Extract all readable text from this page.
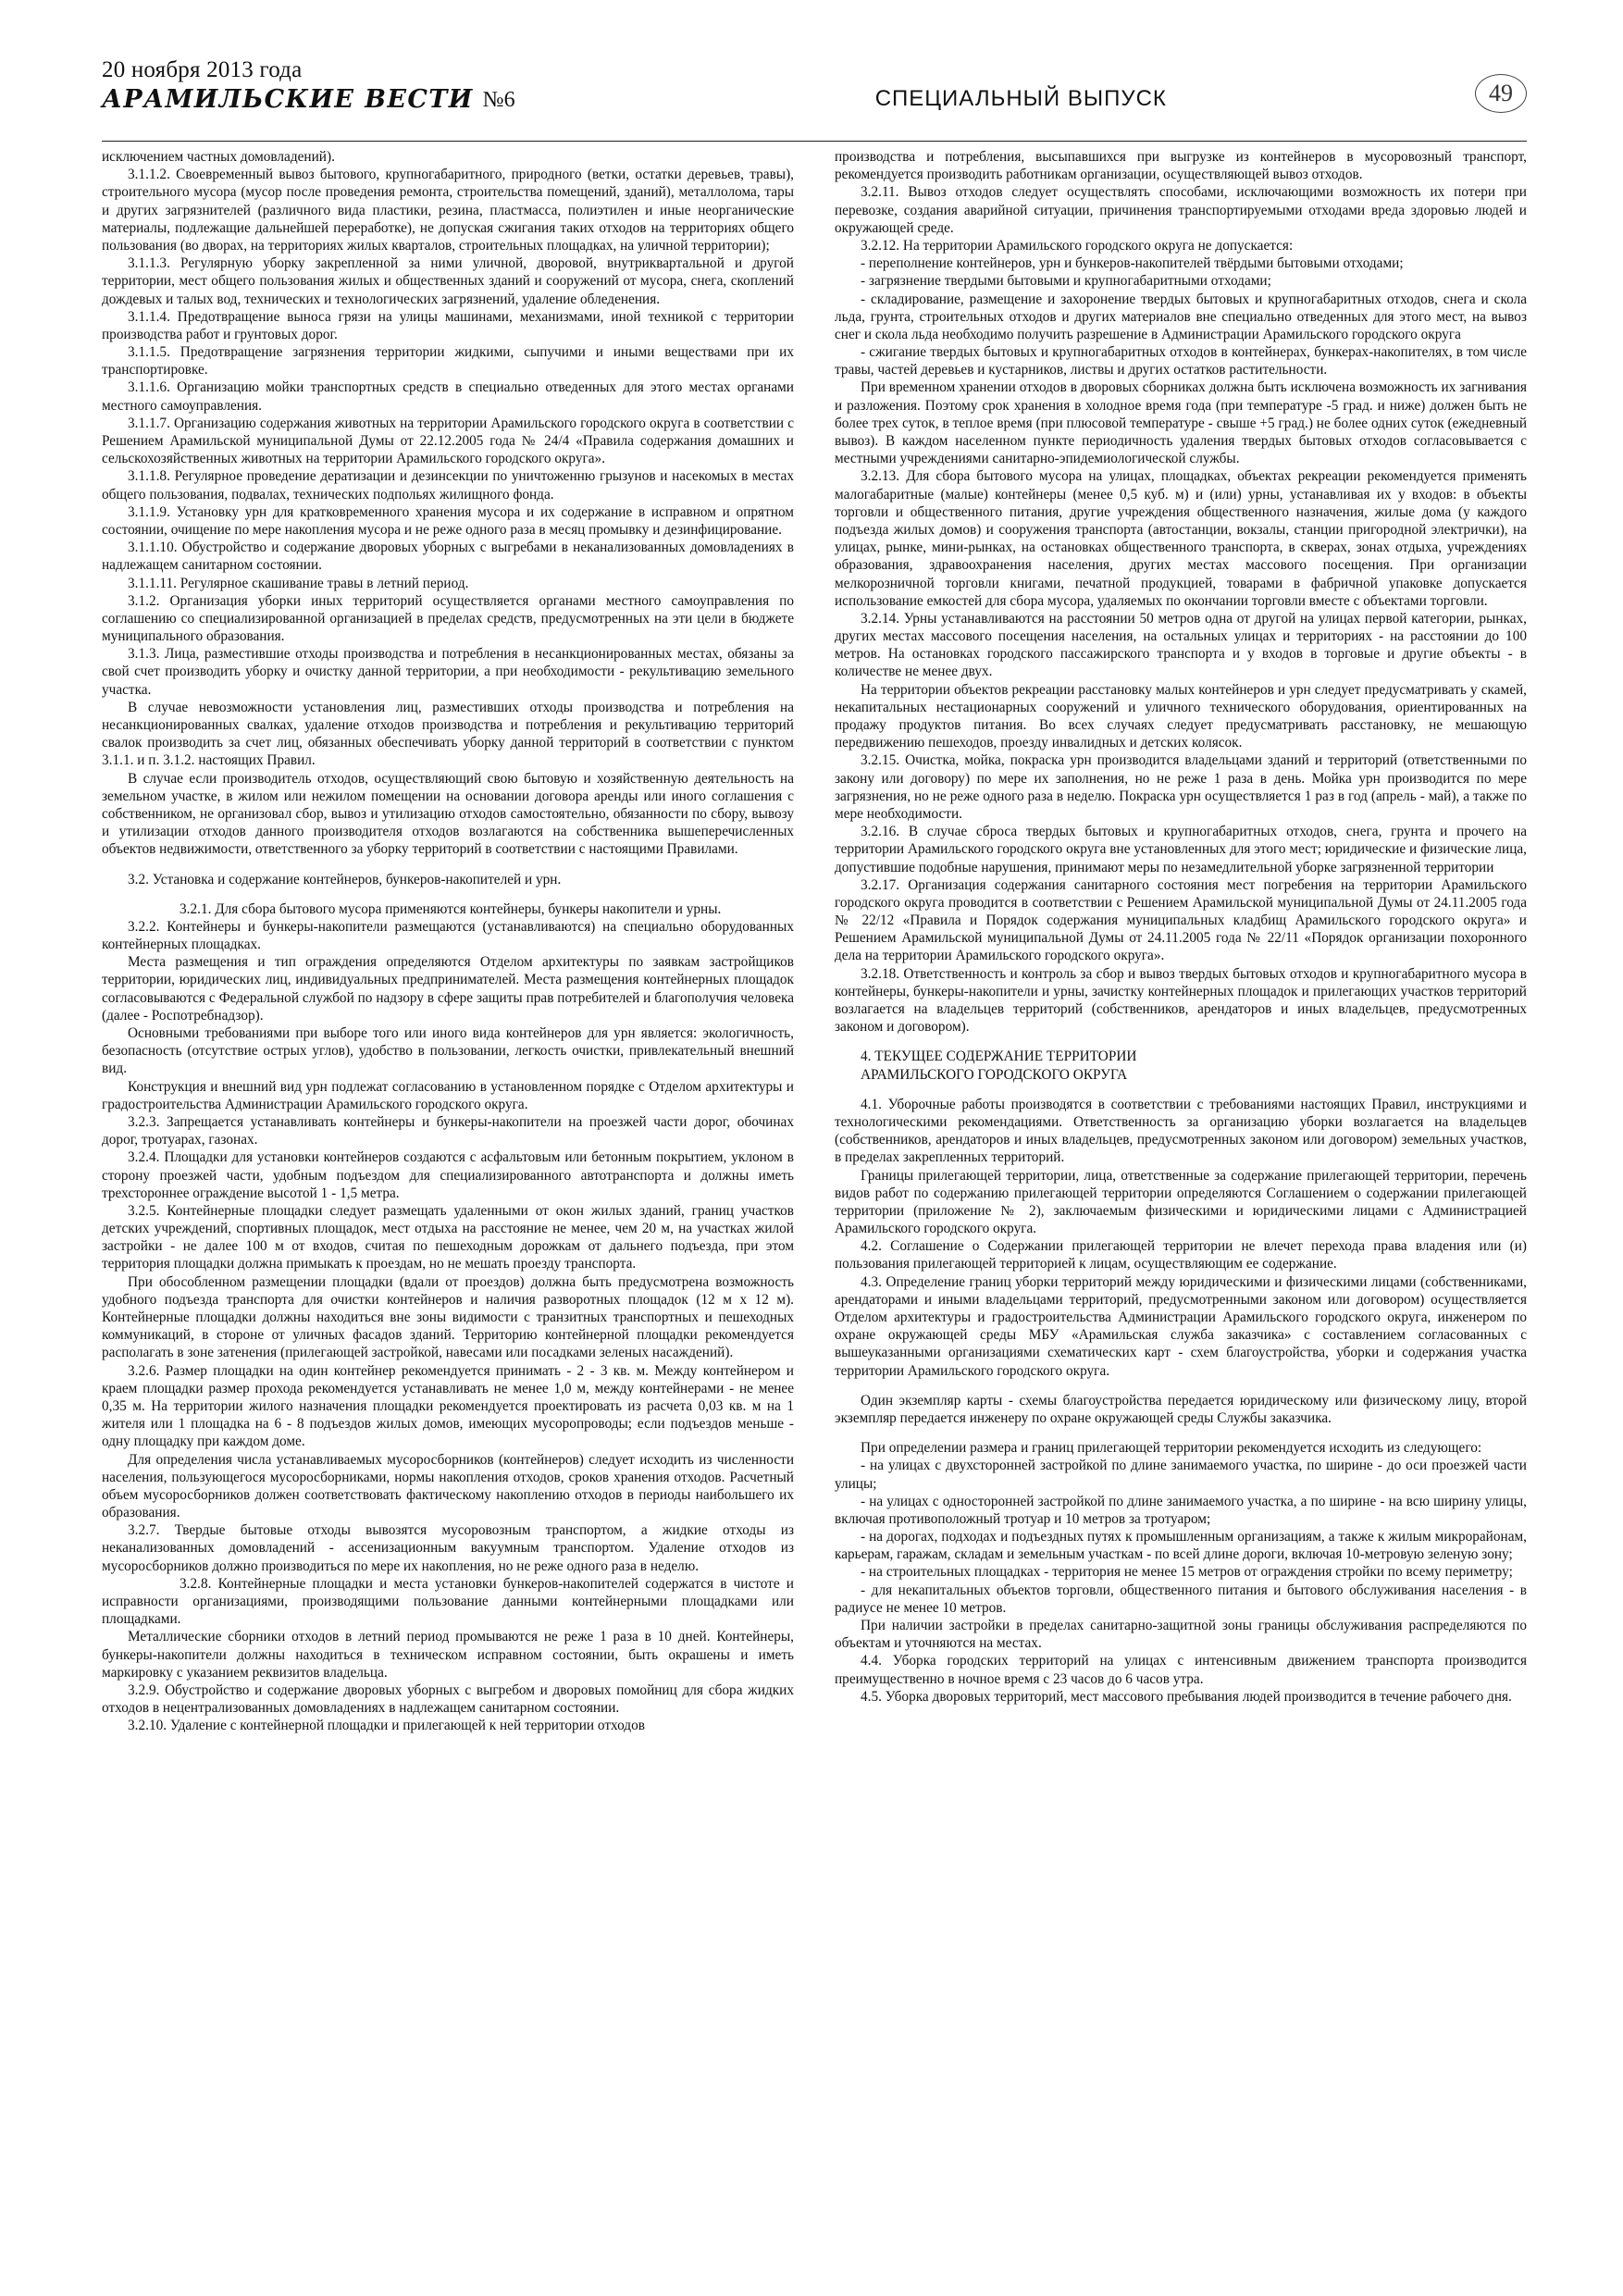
20 ноября 2013 года
АРАМИЛЬСКИЕ ВЕСТИ №6	СПЕЦИАЛЬНЫЙ ВЫПУСК	49

исключением частных домовладений).

3.1.1.2. Своевременный вывоз бытового, крупногабаритного, природного (ветки, остатки деревьев, травы), строительного мусора (мусор после проведения ремонта, строительства помещений, зданий), металлолома, тары и других загрязнителей (различного вида пластики, резина, пластмасса, полиэтилен и иные неорганические материалы, подлежащие дальнейшей переработке), не допуская сжигания таких отходов на территориях общего пользования (во дворах, на территориях жилых кварталов, строительных площадках, на уличной территории);

3.1.1.3. Регулярную уборку закрепленной за ними уличной, дворовой, внутриквартальной и другой территории, мест общего пользования жилых и общественных зданий и сооружений от мусора, снега, скоплений дождевых и талых вод, технических и технологических загрязнений, удаление обледенения.

3.1.1.4. Предотвращение выноса грязи на улицы машинами, механизмами, иной техникой с территории производства работ и грунтовых дорог.

3.1.1.5. Предотвращение загрязнения территории жидкими, сыпучими и иными веществами при их транспортировке.

3.1.1.6. Организацию мойки транспортных средств в специально отведенных для этого местах органами местного самоуправления.

3.1.1.7. Организацию содержания животных на территории Арамильского городского округа в соответствии с Решением Арамильской муниципальной Думы от 22.12.2005 года № 24/4 «Правила содержания домашних и сельскохозяйственных животных на территории Арамильского городского округа».

3.1.1.8. Регулярное проведение дератизации и дезинсекции по уничтоженню грызунов и насекомых в местах общего пользования, подвалах, технических подпольях жилищного фонда.

3.1.1.9. Установку урн для кратковременного хранения мусора и их содержание в исправном и опрятном состоянии, очищение по мере накопления мусора и не реже одного раза в месяц промывку и дезинфицирование.

3.1.1.10. Обустройство и содержание дворовых уборных с выгребами в неканализованных домовладениях в надлежащем санитарном состоянии.

3.1.1.11. Регулярное скашивание травы в летний период.

3.1.2. Организация уборки иных территорий осуществляется органами местного самоуправления по соглашению со специализированной организацией в пределах средств, предусмотренных на эти цели в бюджете муниципального образования.

3.1.3. Лица, разместившие отходы производства и потребления в несанкционированных местах, обязаны за свой счет производить уборку и очистку данной территории, а при необходимости - рекультивацию земельного участка.

В случае невозможности установления лиц, разместивших отходы производства и потребления на несанкционированных свалках, удаление отходов производства и потребления и рекультивацию территорий свалок производить за счет лиц, обязанных обеспечивать уборку данной территорий в соответствии с пунктом 3.1.1. и п. 3.1.2. настоящих Правил.

В случае если производитель отходов, осуществляющий свою бытовую и хозяйственную деятельность на земельном участке, в жилом или нежилом помещении на основании договора аренды или иного соглашения с собственником, не организовал сбор, вывоз и утилизацию отходов самостоятельно, обязанности по сбору, вывозу и утилизации отходов данного производителя отходов возлагаются на собственника вышеперечисленных объектов недвижимости, ответственного за уборку территорий в соответствии с настоящими Правилами.

3.2. Установка и содержание контейнеров, бункеров-накопителей и урн.

3.2.1. Для сбора бытового мусора применяются контейнеры, бункеры накопители и урны.

3.2.2. Контейнеры и бункеры-накопители размещаются (устанавливаются) на специально оборудованных контейнерных площадках.

Места размещения и тип ограждения определяются Отделом архитектуры по заявкам застройщиков территории, юридических лиц, индивидуальных предпринимателей. Места размещения контейнерных площадок согласовываются с Федеральной службой по надзору в сфере защиты прав потребителей и благополучия человека (далее - Роспотребнадзор).

Основными требованиями при выборе того или иного вида контейнеров для урн является: экологичность, безопасность (отсутствие острых углов), удобство в пользовании, легкость очистки, привлекательный внешний вид.

Конструкция и внешний вид урн подлежат согласованию в установленном порядке с Отделом архитектуры и градостроительства Администрации Арамильского городского округа.

3.2.3. Запрещается устанавливать контейнеры и бункеры-накопители на проезжей части дорог, обочинах дорог, тротуарах, газонах.

3.2.4. Площадки для установки контейнеров создаются с асфальтовым или бетонным покрытием, уклоном в сторону проезжей части, удобным подъездом для специализированного автотранспорта и должны иметь трехстороннее ограждение высотой 1 - 1,5 метра.

3.2.5. Контейнерные площадки следует размещать удаленными от окон жилых зданий, границ участков детских учреждений, спортивных площадок, мест отдыха на расстояние не менее, чем 20 м, на участках жилой застройки - не далее 100 м от входов, считая по пешеходным дорожкам от дальнего подъезда, при этом территория площадки должна примыкать к проездам, но не мешать проезду транспорта.

При обособленном размещении площадки (вдали от проездов) должна быть предусмотрена возможность удобного подъезда транспорта для очистки контейнеров и наличия разворотных площадок (12 м х 12 м). Контейнерные площадки должны находиться вне зоны видимости с транзитных транспортных и пешеходных коммуникаций, в стороне от уличных фасадов зданий. Территорию контейнерной площадки рекомендуется располагать в зоне затенения (прилегающей застройкой, навесами или посадками зеленых насаждений).

3.2.6. Размер площадки на один контейнер рекомендуется принимать - 2 - 3 кв. м. Между контейнером и краем площадки размер прохода рекомендуется устанавливать не менее 1,0 м, между контейнерами - не менее 0,35 м. На территории жилого назначения площадки рекомендуется проектировать из расчета 0,03 кв. м на 1 жителя или 1 площадка на 6 - 8 подъездов жилых домов, имеющих мусоропроводы; если подъездов меньше - одну площадку при каждом доме.

Для определения числа устанавливаемых мусоросборников (контейнеров) следует исходить из численности населения, пользующегося мусоросборниками, нормы накопления отходов, сроков хранения отходов. Расчетный объем мусоросборников должен соответствовать фактическому накоплению отходов в периоды наибольшего их образования.

3.2.7. Твердые бытовые отходы вывозятся мусоровозным транспортом, а жидкие отходы из неканализованных домовладений - ассенизационным вакуумным транспортом. Удаление отходов из мусоросборников должно производиться по мере их накопления, но не реже одного раза в неделю.

3.2.8. Контейнерные площадки и места установки бункеров-накопителей содержатся в чистоте и исправности организациями, производящими пользование данными контейнерными площадками или площадками.

Металлические сборники отходов в летний период промываются не реже 1 раза в 10 дней. Контейнеры, бункеры-накопители должны находиться в техническом исправном состоянии, быть окрашены и иметь маркировку с указанием реквизитов владельца.

3.2.9. Обустройство и содержание дворовых уборных с выгребом и дворовых помойниц для сбора жидких отходов в нецентрализованных домовладениях в надлежащем санитарном состоянии.

3.2.10. Удаление с контейнерной площадки и прилегающей к ней территории отходов

производства и потребления, высыпавшихся при выгрузке из контейнеров в мусоровозный транспорт, рекомендуется производить работникам организации, осуществляющей вывоз отходов.

3.2.11. Вывоз отходов следует осуществлять способами, исключающими возможность их потери при перевозке, создания аварийной ситуации, причинения транспортируемыми отходами вреда здоровью людей и окружающей среде.

3.2.12. На территории Арамильского городского округа не допускается:

- переполнение контейнеров, урн и бункеров-накопителей твёрдыми бытовыми отходами;

- загрязнение твердыми бытовыми и крупногабаритными отходами;

- складирование, размещение и захоронение твердых бытовых и крупногабаритных отходов, снега и скола льда, грунта, строительных отходов и других материалов вне специально отведенных для этого мест, на вывоз снег и скола льда необходимо получить разрешение в Администрации Арамильского городского округа

- сжигание твердых бытовых и крупногабаритных отходов в контейнерах, бункерах-накопителях, в том числе травы, частей деревьев и кустарников, листвы и других остатков растительности.

При временном хранении отходов в дворовых сборниках должна быть исключена возможность их загнивания и разложения. Поэтому срок хранения в холодное время года (при температуре -5 град. и ниже) должен быть не более трех суток, в теплое время (при плюсовой температуре - свыше +5 град.) не более одних суток (ежедневный вывоз). В каждом населенном пункте периодичность удаления твердых бытовых отходов согласовывается с местными учреждениями санитарно-эпидемиологической службы.

3.2.13. Для сбора бытового мусора на улицах, площадках, объектах рекреации рекомендуется применять малогабаритные (малые) контейнеры (менее 0,5 куб. м) и (или) урны, устанавливая их у входов: в объекты торговли и общественного питания, другие учреждения общественного назначения, жилые дома (у каждого подъезда жилых домов) и сооружения транспорта (автостанции, вокзалы, станции пригородной электрички), на улицах, рынке, мини-рынках, на остановках общественного транспорта, в скверах, зонах отдыха, учреждениях образования, здравоохранения населения, других местах массового посещения. При организации мелкорозничной торговли книгами, печатной продукцией, товарами в фабричной упаковке допускается использование емкостей для сбора мусора, удаляемых по окончании торговли вместе с объектами торговли.

3.2.14. Урны устанавливаются на расстоянии 50 метров одна от другой на улицах первой категории, рынках, других местах массового посещения населения, на остальных улицах и территориях - на расстоянии до 100 метров. На остановках городского пассажирского транспорта и у входов в торговые и другие объекты - в количестве не менее двух.

На территории объектов рекреации расстановку малых контейнеров и урн следует предусматривать у скамей, некапитальных нестационарных сооружений и уличного технического оборудования, ориентированных на продажу продуктов питания. Во всех случаях следует предусматривать расстановку, не мешающую передвижению пешеходов, проезду инвалидных и детских колясок.

3.2.15. Очистка, мойка, покраска урн производится владельцами зданий и территорий (ответственными по закону или договору) по мере их заполнения, но не реже 1 раза в день. Мойка урн производится по мере загрязнения, но не реже одного раза в неделю. Покраска урн осуществляется 1 раз в год (апрель - май), а также по мере необходимости.

3.2.16. В случае сброса твердых бытовых и крупногабаритных отходов, снега, грунта и прочего на территории Арамильского городского округа вне установленных для этого мест; юридические и физические лица, допустившие подобные нарушения, принимают меры по незамедлительной уборке загрязненной территории

3.2.17. Организация содержания санитарного состояния мест погребения на территории Арамильского городского округа проводится в соответствии с Решением Арамильской муниципальной Думы от 24.11.2005 года № 22/12 «Правила и Порядок содержания муниципальных кладбищ Арамильского городского округа» и Решением Арамильской муниципальной Думы от 24.11.2005 года № 22/11 «Порядок организации похоронного дела на территории Арамильского городского округа».

3.2.18. Ответственность и контроль за сбор и вывоз твердых бытовых отходов и крупногабаритного мусора в контейнеры, бункеры-накопители и урны, зачистку контейнерных площадок и прилегающих участков территорий возлагается на владельцев территорий (собственников, арендаторов и иных владельцев, предусмотренных законом и договором).

4. ТЕКУЩЕЕ СОДЕРЖАНИЕ ТЕРРИТОРИИ

АРАМИЛЬСКОГО ГОРОДСКОГО ОКРУГА

4.1. Уборочные работы производятся в соответствии с требованиями настоящих Правил, инструкциями и технологическими рекомендациями. Ответственность за организацию уборки возлагается на владельцев (собственников, арендаторов и иных владельцев, предусмотренных законом или договором) земельных участков, в пределах закрепленных территорий.

Границы прилегающей территории, лица, ответственные за содержание прилегающей территории, перечень видов работ по содержанию прилегающей территории определяются Соглашением о содержании прилегающей территории (приложение № 2), заключаемым физическими и юридическими лицами с Администрацией Арамильского городского округа.

4.2. Соглашение о Содержании прилегающей территории не влечет перехода права владения или (и) пользования прилегающей территорией к лицам, осуществляющим ее содержание.

4.3. Определение границ уборки территорий между юридическими и физическими лицами (собственниками, арендаторами и иными владельцами территорий, предусмотренными законом или договором) осуществляется Отделом архитектуры и градостроительства Администрации Арамильского городского округа, инженером по охране окружающей среды МБУ «Арамильская служба заказчика» с составлением согласованных с вышеуказанными организациями схематических карт - схем благоустройства, уборки и содержания участка территории Арамильского городского округа.

Один экземпляр карты - схемы благоустройства передается юридическому или физическому лицу, второй экземпляр передается инженеру по охране окружающей среды Службы заказчика.

При определении размера и границ прилегающей территории рекомендуется исходить из следующего:

- на улицах с двухсторонней застройкой по длине занимаемого участка, по ширине - до оси проезжей части улицы;

- на улицах с односторонней застройкой по длине занимаемого участка, а по ширине - на всю ширину улицы, включая противоположный тротуар и 10 метров за тротуаром;

- на дорогах, подходах и подъездных путях к промышленным организациям, а также к жилым микрорайонам, карьерам, гаражам, складам и земельным участкам - по всей длине дороги, включая 10-метровую зеленую зону;

- на строительных площадках - территория не менее 15 метров от ограждения стройки по всему периметру;

- для некапитальных объектов торговли, общественного питания и бытового обслуживания населения - в радиусе не менее 10 метров.

При наличии застройки в пределах санитарно-защитной зоны границы обслуживания распределяются по объектам и уточняются на местах.

4.4. Уборка городских территорий на улицах с интенсивным движением транспорта производится преимущественно в ночное время с 23 часов до 6 часов утра.

4.5. Уборка дворовых территорий, мест массового пребывания людей производится в течение рабочего дня.
